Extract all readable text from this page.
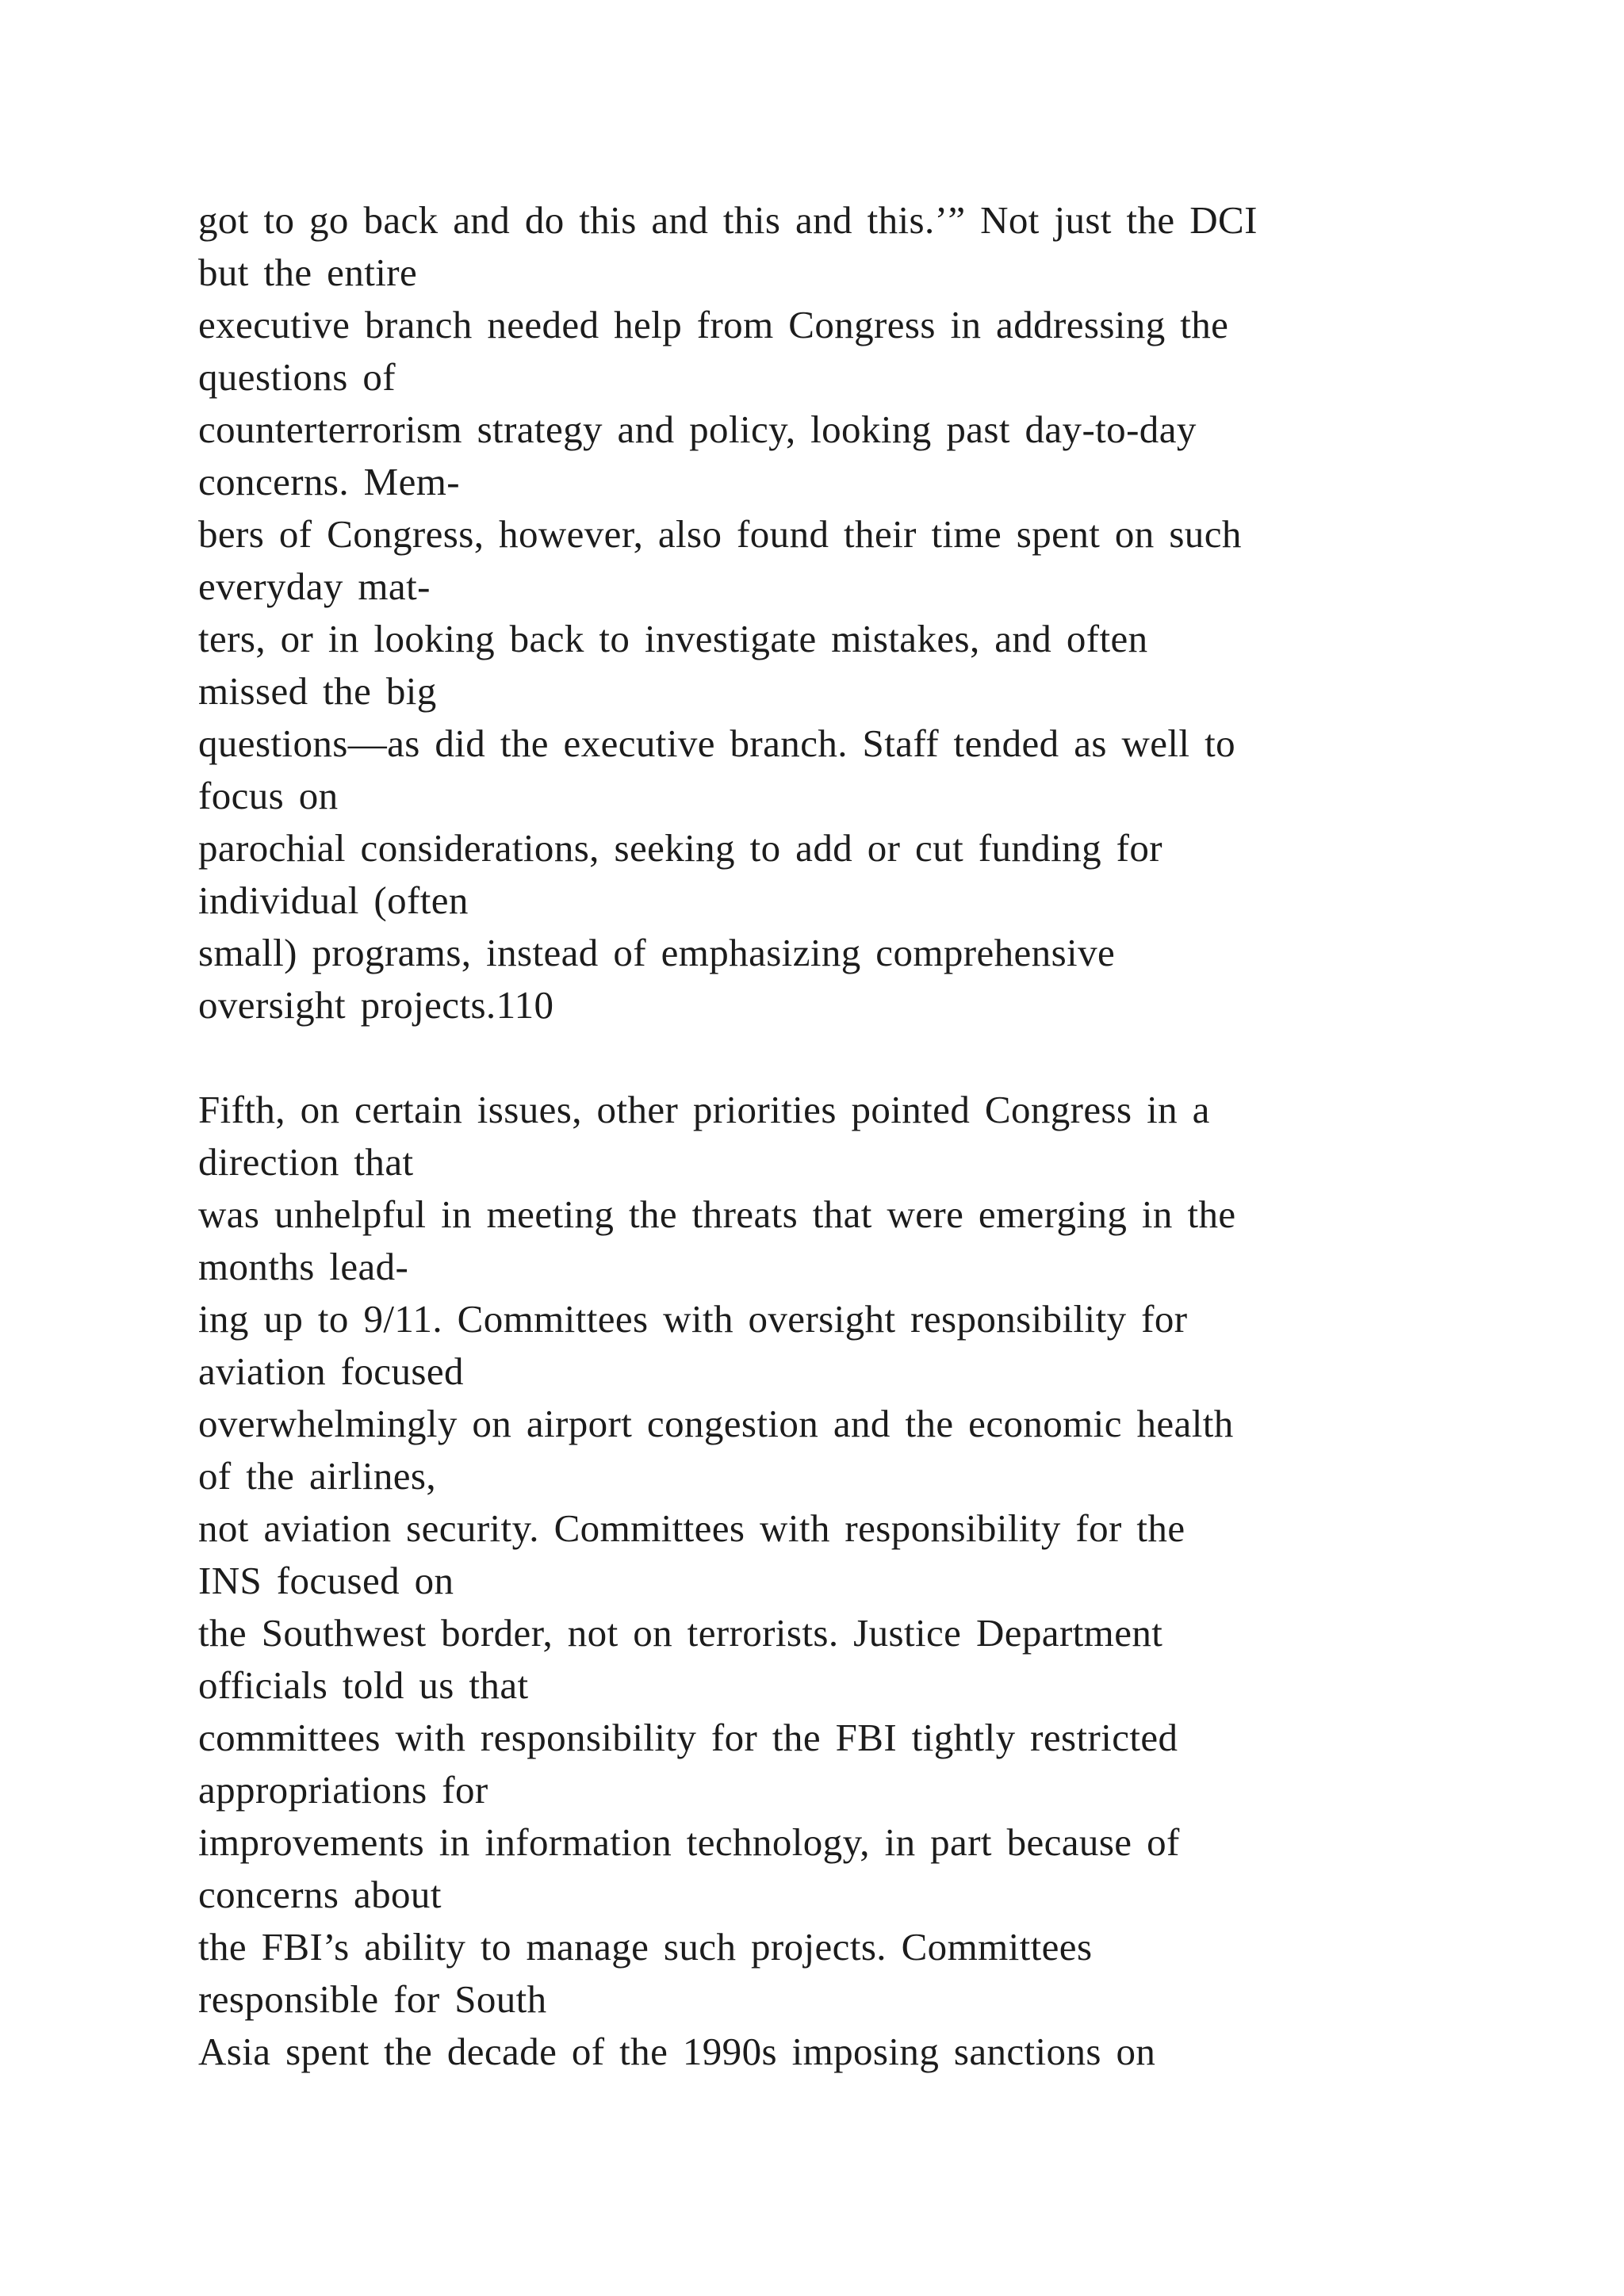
got to go back and do this and this and this.’” Not just the DCI
but the entire
executive branch needed help from Congress in addressing the
questions of
counterterrorism strategy and policy, looking past day-to-day
concerns. Mem-
bers of Congress, however, also found their time spent on such
everyday mat-
ters, or in looking back to investigate mistakes, and often
missed the big
questions—as did the executive branch. Staff tended as well to
focus on
parochial considerations, seeking to add or cut funding for
individual (often
small) programs, instead of emphasizing comprehensive
oversight projects.110
Fifth, on certain issues, other priorities pointed Congress in a
direction that
was unhelpful in meeting the threats that were emerging in the
months lead-
ing up to 9/11. Committees with oversight responsibility for
aviation focused
overwhelmingly on airport congestion and the economic health
of the airlines,
not aviation security. Committees with responsibility for the
INS focused on
the Southwest border, not on terrorists. Justice Department
officials told us that
committees with responsibility for the FBI tightly restricted
appropriations for
improvements in information technology, in part because of
concerns about
the FBI’s ability to manage such projects. Committees
responsible for South
Asia spent the decade of the 1990s imposing sanctions on
